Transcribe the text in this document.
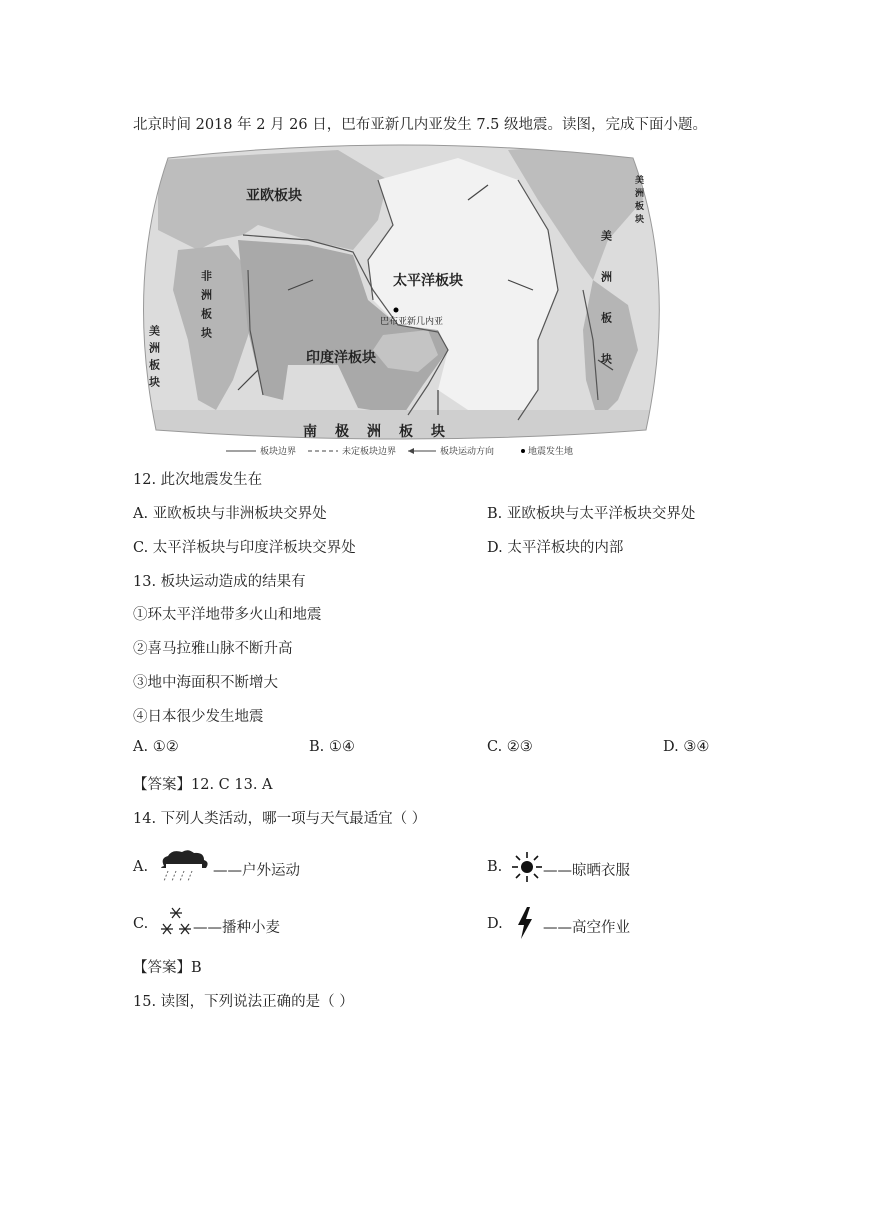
北京时间 2018 年 2 月 26 日，巴布亚新几内亚发生 7.5 级地震。读图，完成下面小题。
亚欧板块
太平洋板块
印度洋板块
南极洲板块
巴布亚新几内亚
非洲板块
美洲板块	美洲板块
美洲板块
板块边界	未定板块边界	板块运动方向	地震发生地
12. 此次地震发生在
A. 亚欧板块与非洲板块交界处	B. 亚欧板块与太平洋板块交界处
C. 太平洋板块与印度洋板块交界处	D. 太平洋板块的内部
13. 板块运动造成的结果有
①环太平洋地带多火山和地震
②喜马拉雅山脉不断升高
③地中海面积不断增大
④日本很少发生地震
A. ①②	B. ①④	C. ②③	D. ③④
【答案】12. C 13. A
14. 下列人类活动，哪一项与天气最适宜（ ）
A.	——户外运动	B.	——晾晒衣服
C.	——播种小麦	D.	——高空作业
【答案】B
15. 读图，下列说法正确的是（ ）
